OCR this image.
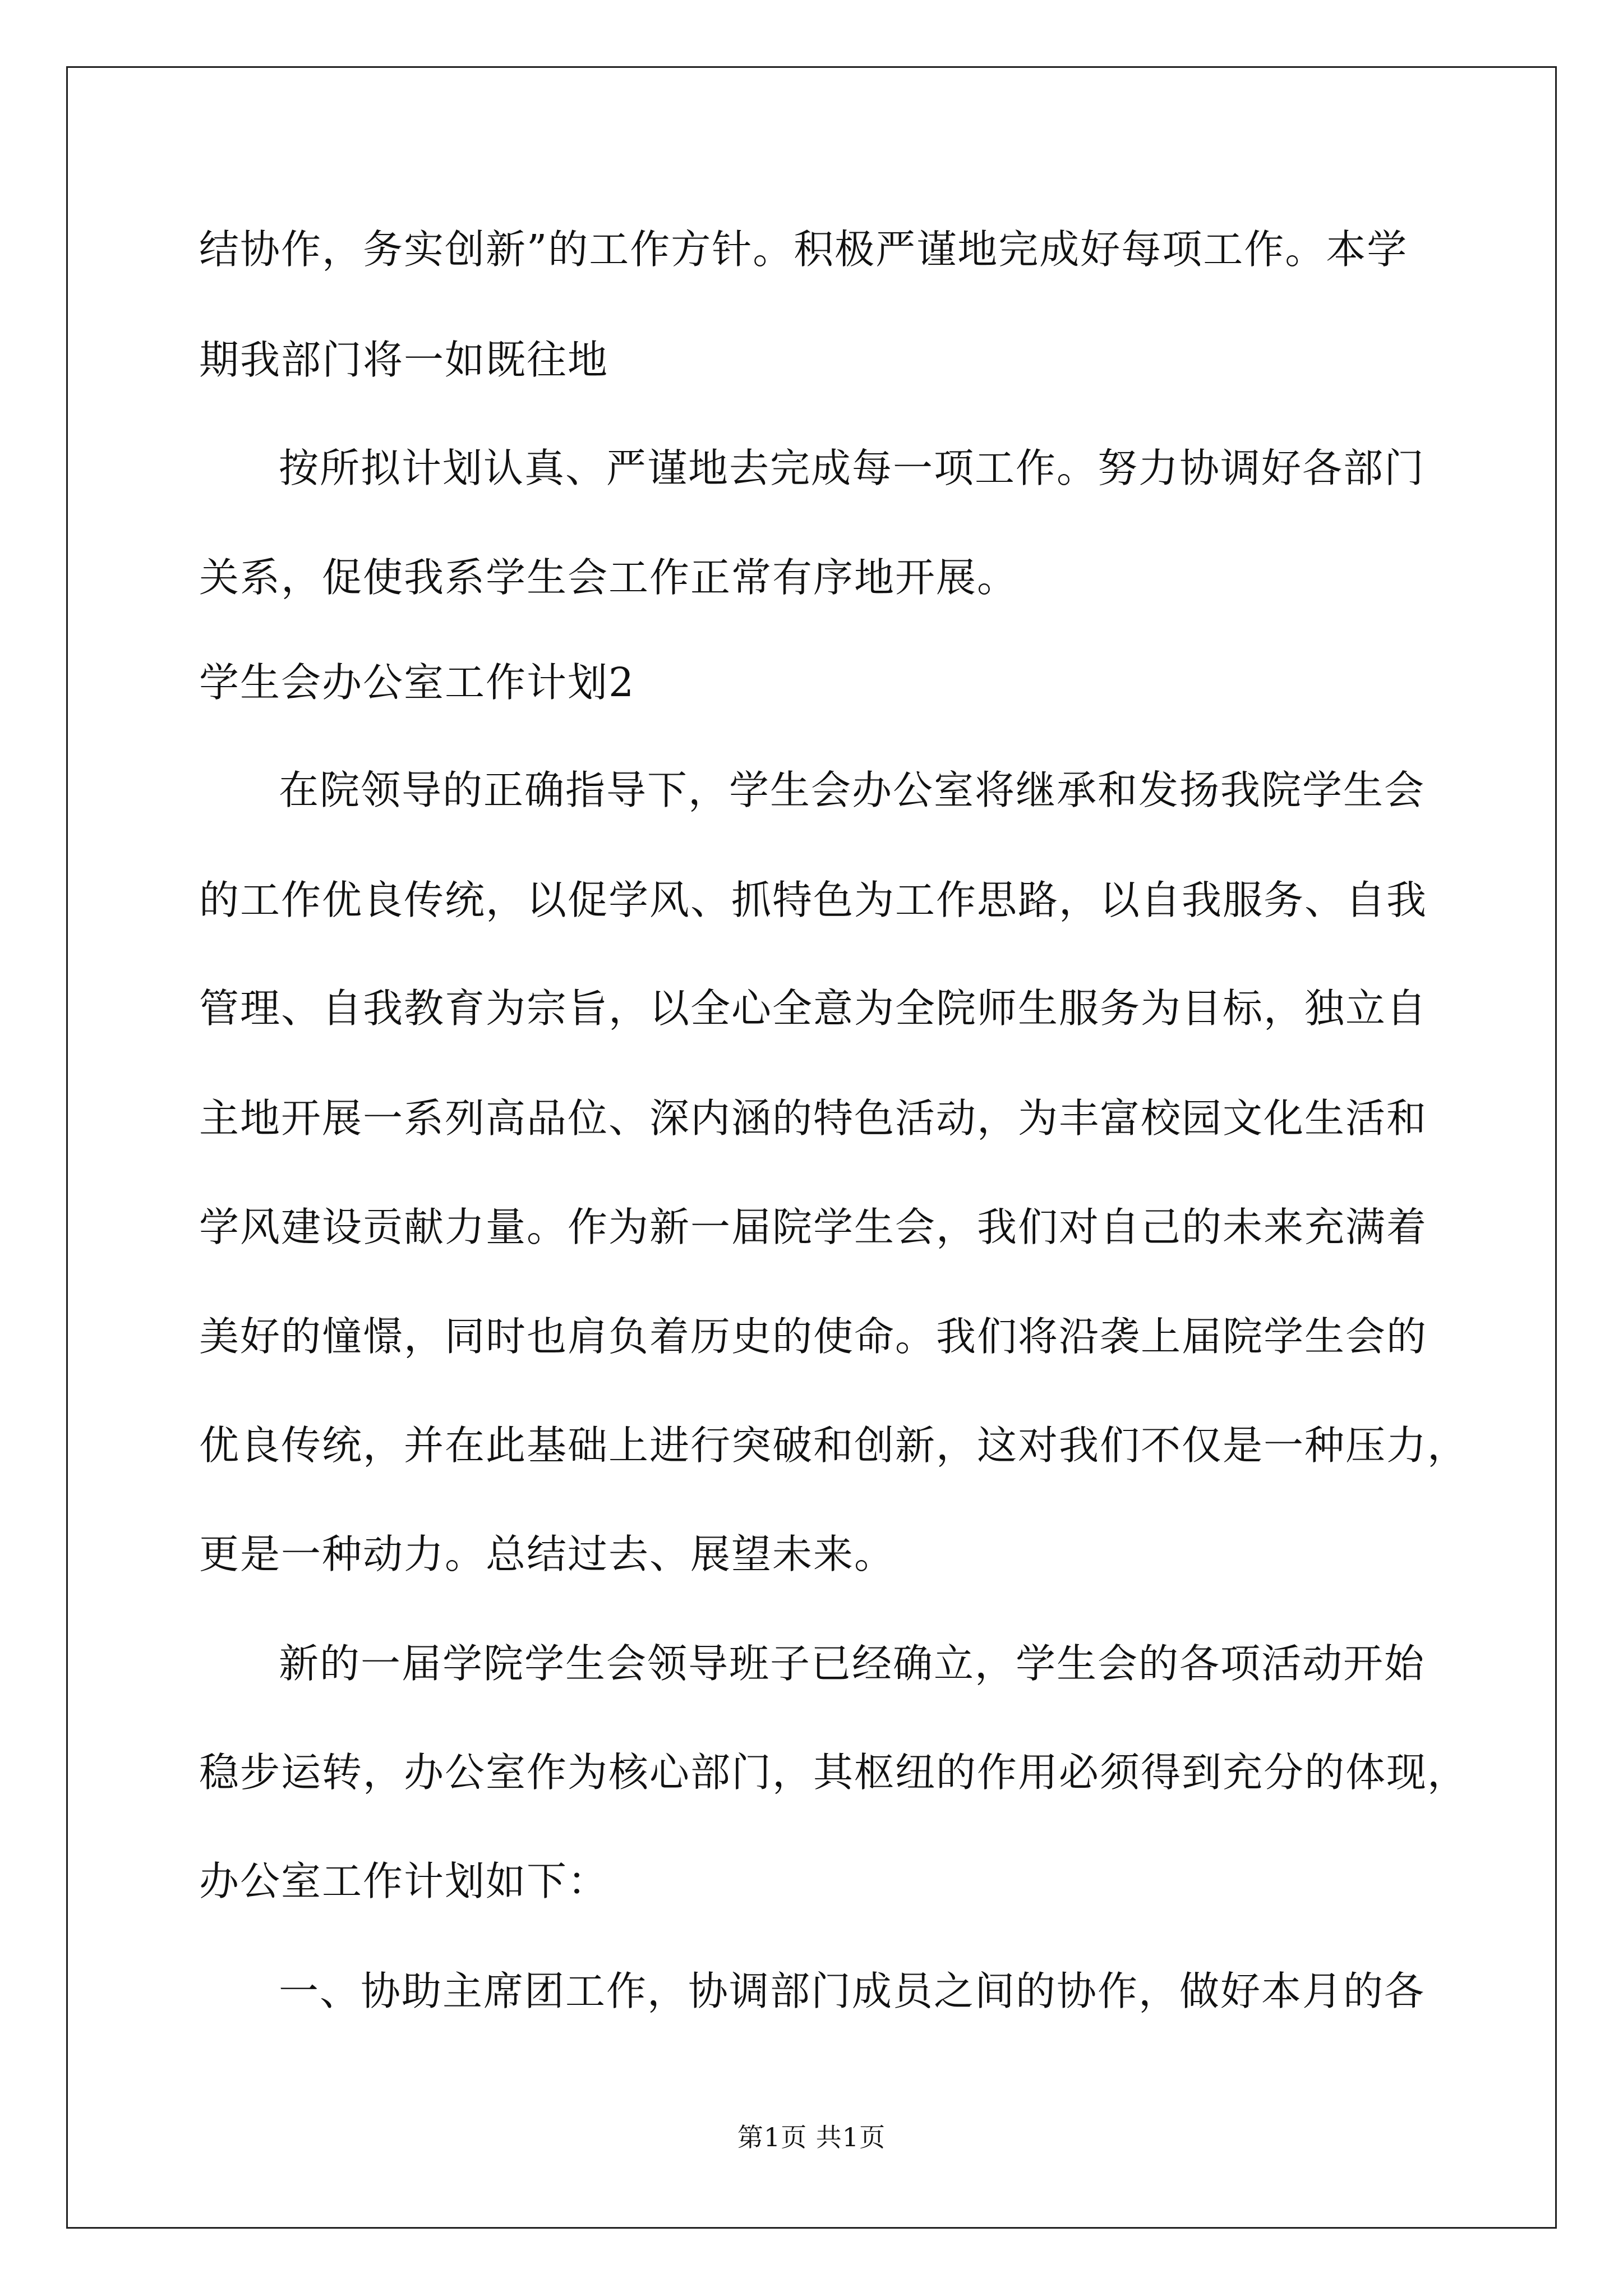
结协作，务实创新”的工作方针。积极严谨地完成好每项工作。本学
期我部门将一如既往地
按所拟计划认真、严谨地去完成每一项工作。努力协调好各部门
关系，促使我系学生会工作正常有序地开展。
学生会办公室工作计划2
在院领导的正确指导下，学生会办公室将继承和发扬我院学生会
的工作优良传统，以促学风、抓特色为工作思路，以自我服务、自我
管理、自我教育为宗旨，以全心全意为全院师生服务为目标，独立自
主地开展一系列高品位、深内涵的特色活动，为丰富校园文化生活和
学风建设贡献力量。作为新一届院学生会，我们对自己的未来充满着
美好的憧憬，同时也肩负着历史的使命。我们将沿袭上届院学生会的
优良传统，并在此基础上进行突破和创新，这对我们不仅是一种压力，
更是一种动力。总结过去、展望未来。
新的一届学院学生会领导班子已经确立，学生会的各项活动开始
稳步运转，办公室作为核心部门，其枢纽的作用必须得到充分的体现，
办公室工作计划如下：
一、协助主席团工作，协调部门成员之间的协作，做好本月的各
第1页 共1页
